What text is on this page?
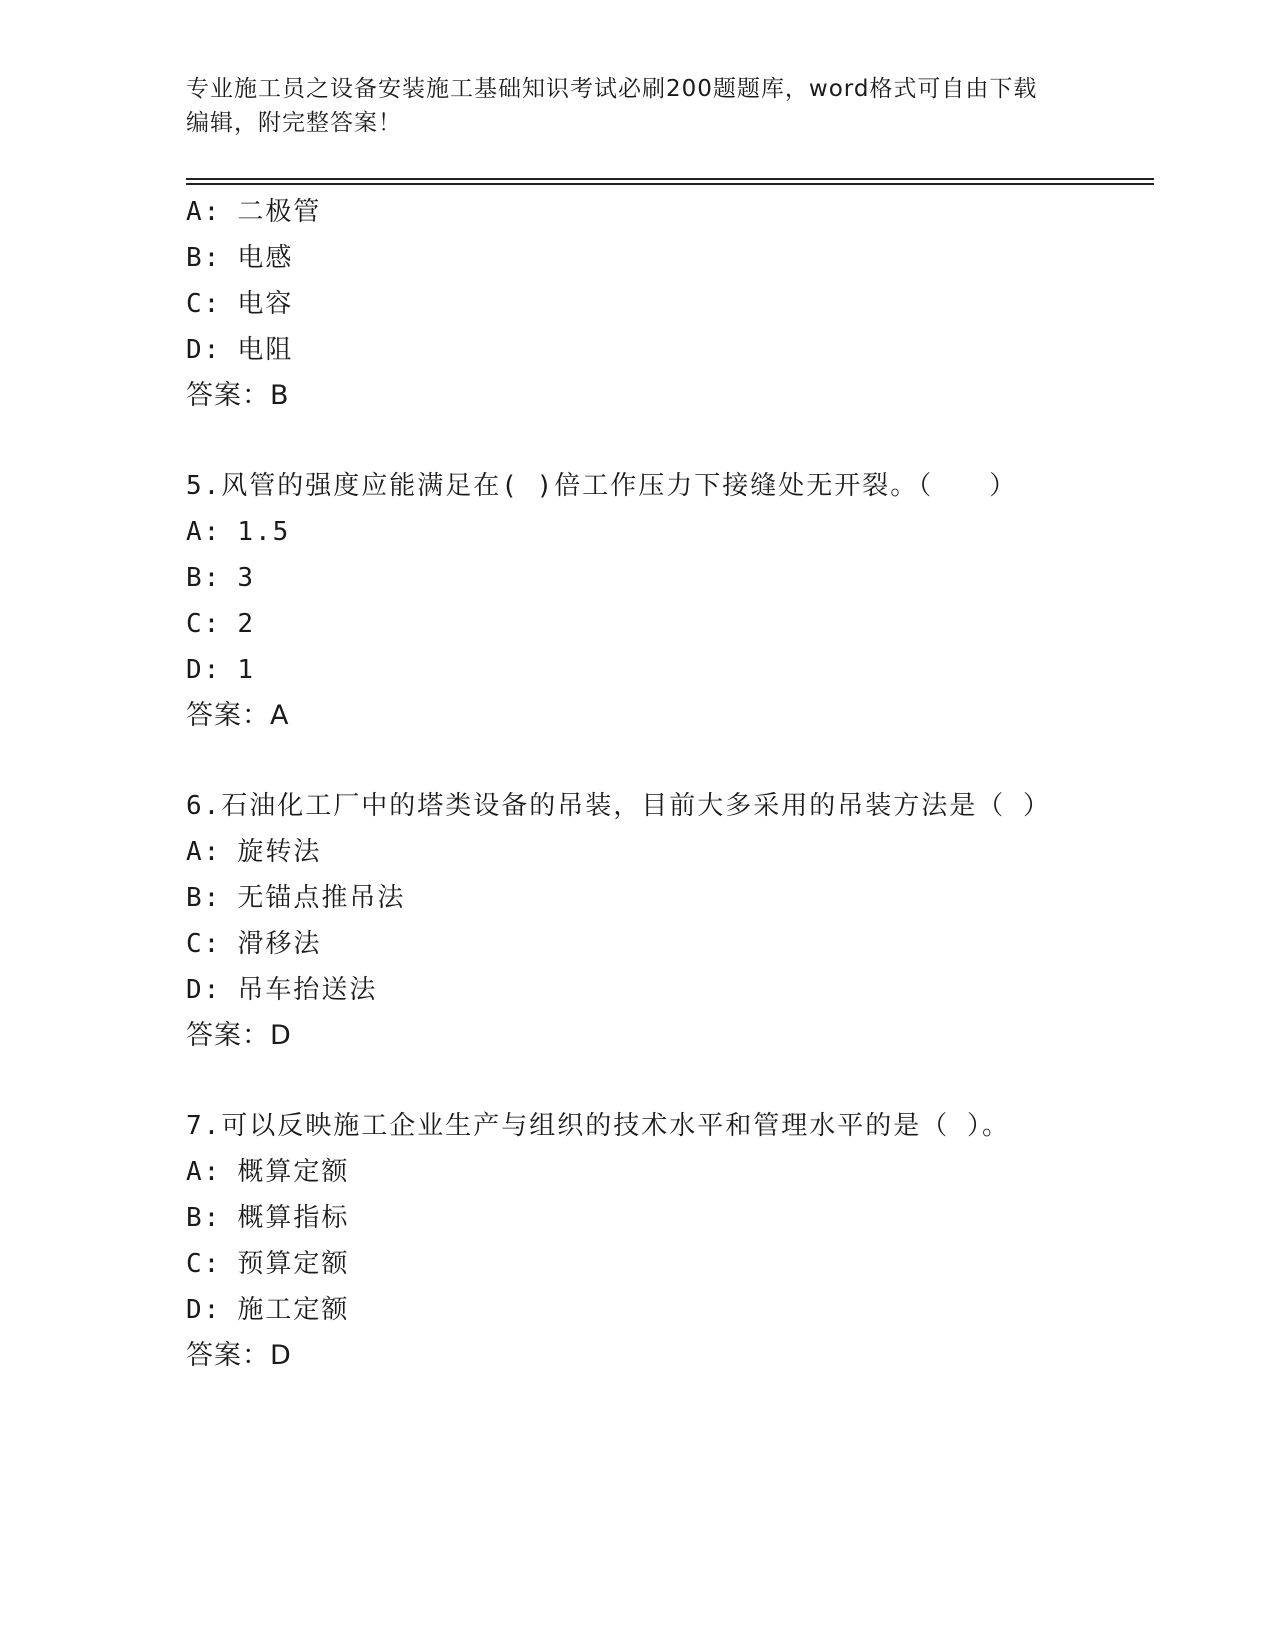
专业施工员之设备安装施工基础知识考试必刷200题题库，word格式可自由下载
编辑，附完整答案！
A: 二极管
B: 电感
C: 电容
D: 电阻
答案：B
5.风管的强度应能满足在( )倍工作压力下接缝处无开裂。（　　）
A: 1.5
B: 3
C: 2
D: 1
答案：A
6.石油化工厂中的塔类设备的吊装，目前大多采用的吊装方法是（ ）
A: 旋转法
B: 无锚点推吊法
C: 滑移法
D: 吊车抬送法
答案：D
7.可以反映施工企业生产与组织的技术水平和管理水平的是（ ）。
A: 概算定额
B: 概算指标
C: 预算定额
D: 施工定额
答案：D
